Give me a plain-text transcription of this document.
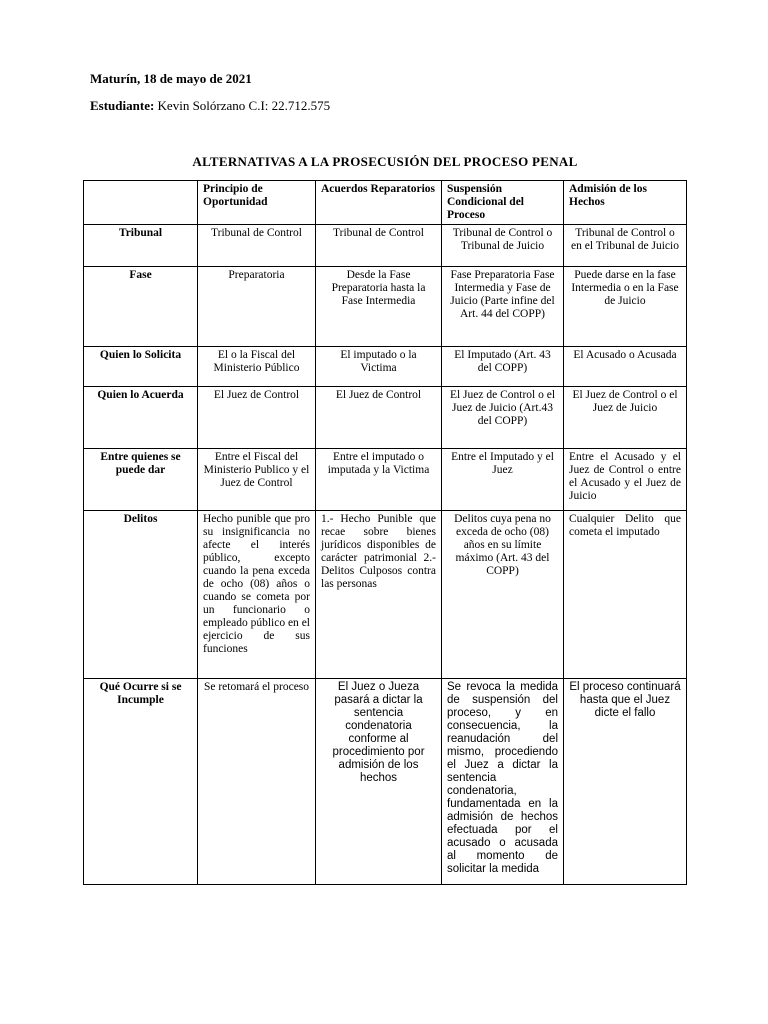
Maturín, 18 de mayo de 2021
Estudiante: Kevin Solórzano C.I: 22.712.575
ALTERNATIVAS A LA PROSECUSIÓN DEL PROCESO PENAL
	Principio de Oportunidad	Acuerdos Reparatorios	Suspensión Condicional del Proceso	Admisión de los Hechos
Tribunal	Tribunal de Control	Tribunal de Control	Tribunal de Control o Tribunal de Juicio	Tribunal de Control o en el Tribunal de Juicio
Fase	Preparatoria	Desde la Fase Preparatoria hasta la Fase Intermedia	Fase Preparatoria Fase Intermedia y Fase de Juicio (Parte infine del Art. 44 del COPP)	Puede darse en la fase Intermedia o en la Fase de Juicio
Quien lo Solicita	El o la Fiscal del Ministerio Público	El imputado o la Victima	El Imputado (Art. 43 del COPP)	El Acusado o Acusada
Quien lo Acuerda	El Juez de Control	El Juez de Control	El Juez de Control o el Juez de Juicio (Art.43 del COPP)	El Juez de Control o el Juez de Juicio
Entre quienes se puede dar	Entre el Fiscal del Ministerio Publico y el Juez de Control	Entre el imputado o imputada y la Victima	Entre el Imputado y el Juez	Entre el Acusado y el Juez de Control o entre el Acusado y el Juez de Juicio
Delitos	Hecho punible que pro su insignificancia no afecte el interés público, excepto cuando la pena exceda de ocho (08) años o cuando se cometa por un funcionario o empleado público en el ejercicio de sus funciones	1.- Hecho Punible que recae sobre bienes jurídicos disponibles de carácter patrimonial 2.- Delitos Culposos contra las personas	Delitos cuya pena no exceda de ocho (08) años en su límite máximo (Art. 43 del COPP)	Cualquier Delito que cometa el imputado
Qué Ocurre si se Incumple	Se retomará el proceso	El Juez o Jueza pasará a dictar la sentencia condenatoria conforme al procedimiento por admisión de los hechos	Se revoca la medida de suspensión del proceso, y en consecuencia, la reanudación del mismo, procediendo el Juez a dictar la sentencia condenatoria, fundamentada en la admisión de hechos efectuada por el acusado o acusada al momento de solicitar la medida	El proceso continuará hasta que el Juez dicte el fallo
